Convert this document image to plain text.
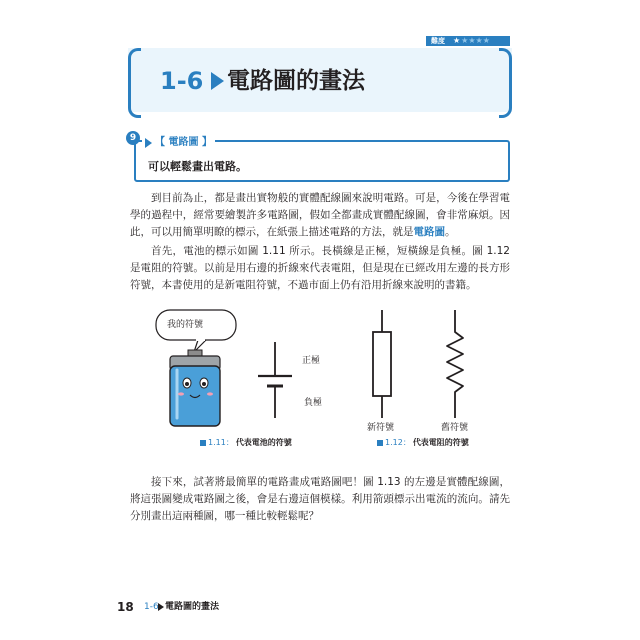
難度	★ ★★★★
1-6 電路圖的畫法
9	【 電路圖 】
可以輕鬆畫出電路。

到目前為止，都是畫出實物般的實體配線圖來說明電路。可是，今後在學習電學的過程中，經常要繪製許多電路圖，假如全都畫成實體配線圖，會非常麻煩。因此，可以用簡單明瞭的標示，在紙張上描述電路的方法，就是電路圖。

首先，電池的標示如圖 1.11 所示。長橫線是正極，短橫線是負極。圖 1.12 是電阻的符號。以前是用右邊的折線來代表電阻，但是現在已經改用左邊的長方形符號，本書使用的是新電阻符號，不過市面上仍有沿用折線來說明的書籍。

我的符號
正極
負極
新符號	舊符號
1.11： 代表電池的符號	1.12： 代表電阻的符號

接下來，試著將最簡單的電路畫成電路圖吧！圖 1.13 的左邊是實體配線圖，將這張圖變成電路圖之後，會是右邊這個模樣。利用箭頭標示出電流的流向。請先分別畫出這兩種圖，哪一種比較輕鬆呢？

18 1-6 電路圖的畫法
